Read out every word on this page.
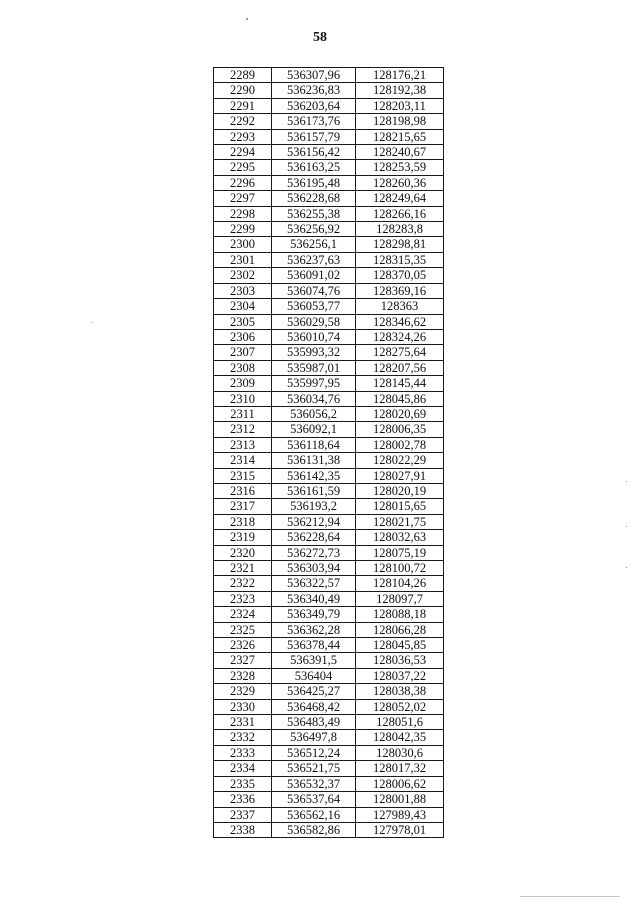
58
2289	536307,96	128176,21
2290	536236,83	128192,38
2291	536203,64	128203,11
2292	536173,76	128198,98
2293	536157,79	128215,65
2294	536156,42	128240,67
2295	536163,25	128253,59
2296	536195,48	128260,36
2297	536228,68	128249,64
2298	536255,38	128266,16
2299	536256,92	128283,8
2300	536256,1	128298,81
2301	536237,63	128315,35
2302	536091,02	128370,05
2303	536074,76	128369,16
2304	536053,77	128363
2305	536029,58	128346,62
2306	536010,74	128324,26
2307	535993,32	128275,64
2308	535987,01	128207,56
2309	535997,95	128145,44
2310	536034,76	128045,86
2311	536056,2	128020,69
2312	536092,1	128006,35
2313	536118,64	128002,78
2314	536131,38	128022,29
2315	536142,35	128027,91
2316	536161,59	128020,19
2317	536193,2	128015,65
2318	536212,94	128021,75
2319	536228,64	128032,63
2320	536272,73	128075,19
2321	536303,94	128100,72
2322	536322,57	128104,26
2323	536340,49	128097,7
2324	536349,79	128088,18
2325	536362,28	128066,28
2326	536378,44	128045,85
2327	536391,5	128036,53
2328	536404	128037,22
2329	536425,27	128038,38
2330	536468,42	128052,02
2331	536483,49	128051,6
2332	536497,8	128042,35
2333	536512,24	128030,6
2334	536521,75	128017,32
2335	536532,37	128006,62
2336	536537,64	128001,88
2337	536562,16	127989,43
2338	536582,86	127978,01
